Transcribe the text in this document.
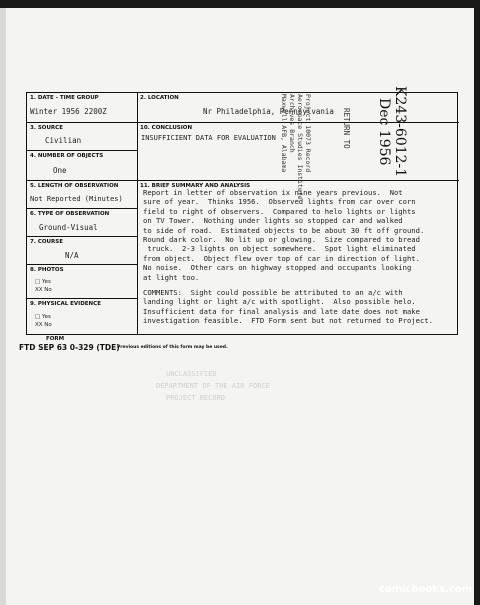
UNCLASSIFIED
DEPARTMENT OF THE AIR FORCE
PROJECT RECORD
Project 10073 Record
Aerospace Studies Institute
Archives Branch
Maxwell AFB, Alabama	RETURN TO	K243-6012-1
Dec 1956
1. DATE - TIME GROUP
Winter 1956 2200Z
3. SOURCE
Civilian
4. NUMBER OF OBJECTS
One
5. LENGTH OF OBSERVATION
Not Reported (Minutes)
6. TYPE OF OBSERVATION
Ground-Visual
7. COURSE
N/A
8. PHOTOS
□ Yes
XX No
9. PHYSICAL EVIDENCE
□ Yes
XX No
2. LOCATION
Nr Philadelphia, Pennsylvania
10. CONCLUSION
INSUFFICIENT DATA FOR EVALUATION
11. BRIEF SUMMARY AND ANALYSIS
Report in letter of observation ix nine years previous.  Not
sure of year.  Thinks 1956.  Observed lights from car over corn
field to right of observers.  Compared to helo lights or lights
on TV Tower.  Nothing under lights so stopped car and walked
to side of road.  Estimated objects to be about 30 ft off ground.
Round dark color.  No lit up or glowing.  Size compared to bread
truck.  2-3 lights on object somewhere.  Spot light eliminated
from object.  Object flew over top of car in direction of light.
No noise.  Other cars on highway stopped and occupants looking
at light too.
COMMENTS:  Sight could possible be attributed to an a/c with
landing light or light a/c with spotlight.  Also possible helo.
Insufficient data for final analysis and late date does not make
investigation feasible.  FTD Form sent but not returned to Project.
FORM
FTD SEP 63 0-329 (TDE)
Previous editions of this form may be used.
comicbooks.com
